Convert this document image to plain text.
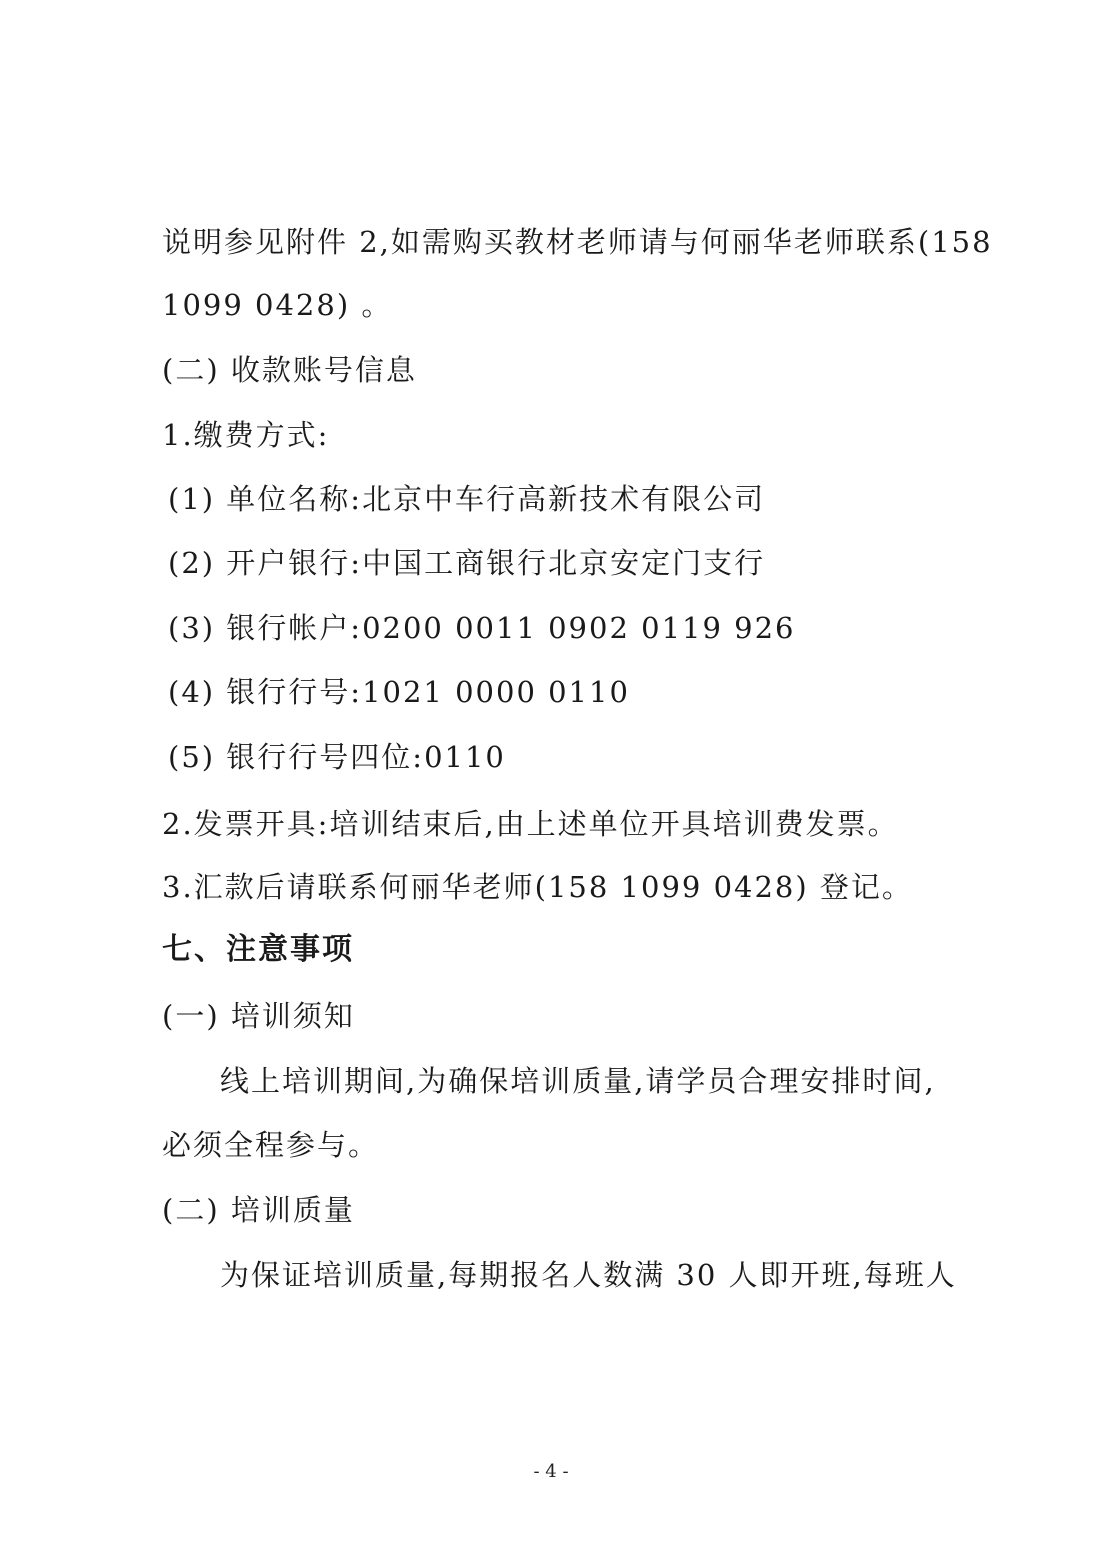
说明参见附件 2,如需购买教材老师请与何丽华老师联系(158
1099 0428) 。
(二) 收款账号信息
1.缴费方式:
(1) 单位名称:北京中车行高新技术有限公司
(2) 开户银行:中国工商银行北京安定门支行
(3) 银行帐户:0200 0011 0902 0119 926
(4) 银行行号:1021 0000 0110
(5) 银行行号四位:0110
2.发票开具:培训结束后,由上述单位开具培训费发票。
3.汇款后请联系何丽华老师(158 1099 0428) 登记。
七、注意事项
(一) 培训须知
线上培训期间,为确保培训质量,请学员合理安排时间,
必须全程参与。
(二) 培训质量
为保证培训质量,每期报名人数满 30 人即开班,每班人
- 4 -
